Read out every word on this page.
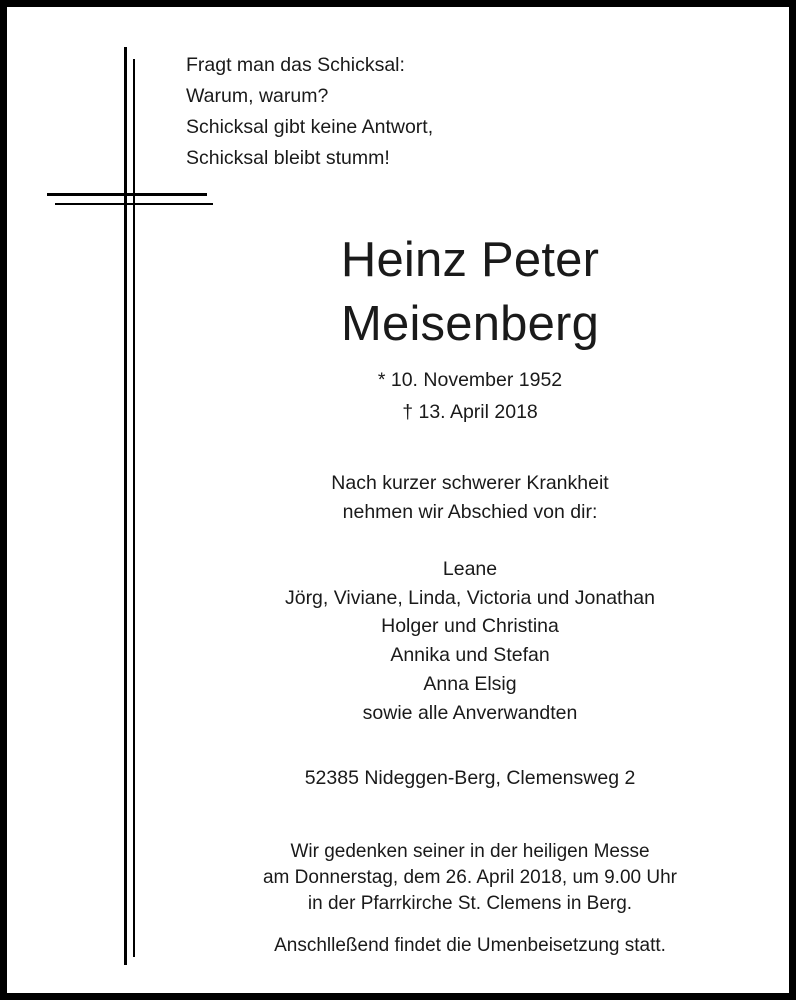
Fragt man das Schicksal:
Warum, warum?
Schicksal gibt keine Antwort,
Schicksal bleibt stumm!
Heinz Peter
Meisenberg
* 10. November 1952
† 13. April 2018
Nach kurzer schwerer Krankheit
nehmen wir Abschied von dir:
Leane
Jörg, Viviane, Linda, Victoria und Jonathan
Holger und Christina
Annika und Stefan
Anna Elsig
sowie alle Anverwandten
52385 Nideggen-Berg, Clemensweg 2
Wir gedenken seiner in der heiligen Messe
am Donnerstag, dem 26. April 2018, um 9.00 Uhr
in der Pfarrkirche St. Clemens in Berg.
Anschlleßend findet die Umenbeisetzung statt.
